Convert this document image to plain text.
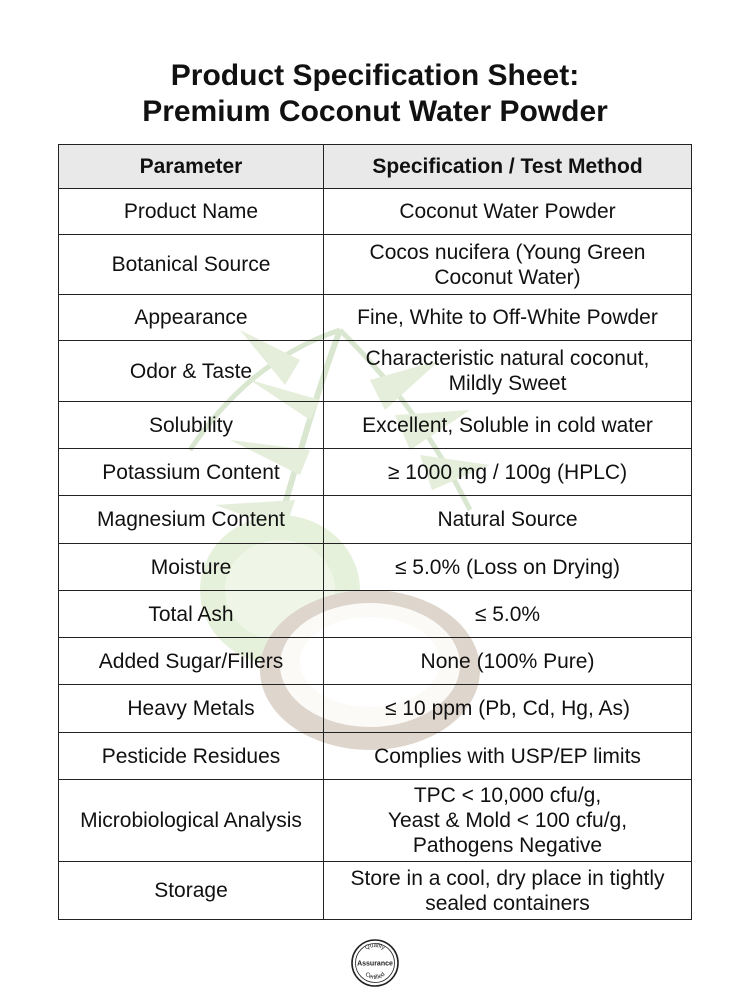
Product Specification Sheet:
Premium Coconut Water Powder
Parameter	Specification / Test Method
Product Name	Coconut Water Powder
Botanical Source	Cocos nucifera (Young Green
Coconut Water)
Appearance	Fine, White to Off-White Powder
Odor & Taste	Characteristic natural coconut,
Mildly Sweet
Solubility	Excellent, Soluble in cold water
Potassium Content	≥ 1000 mg / 100g (HPLC)
Magnesium Content	Natural Source
Moisture	≤ 5.0% (Loss on Drying)
Total Ash	≤ 5.0%
Added Sugar/Fillers	None (100% Pure)
Heavy Metals	≤ 10 ppm (Pb, Cd, Hg, As)
Pesticide Residues	Complies with USP/EP limits
Microbiological Analysis	TPC < 10,000 cfu/g,
Yeast & Mold < 100 cfu/g,
Pathogens Negative
Storage	Store in a cool, dry place in tightly
sealed containers
Quality
Assurance
Certified
